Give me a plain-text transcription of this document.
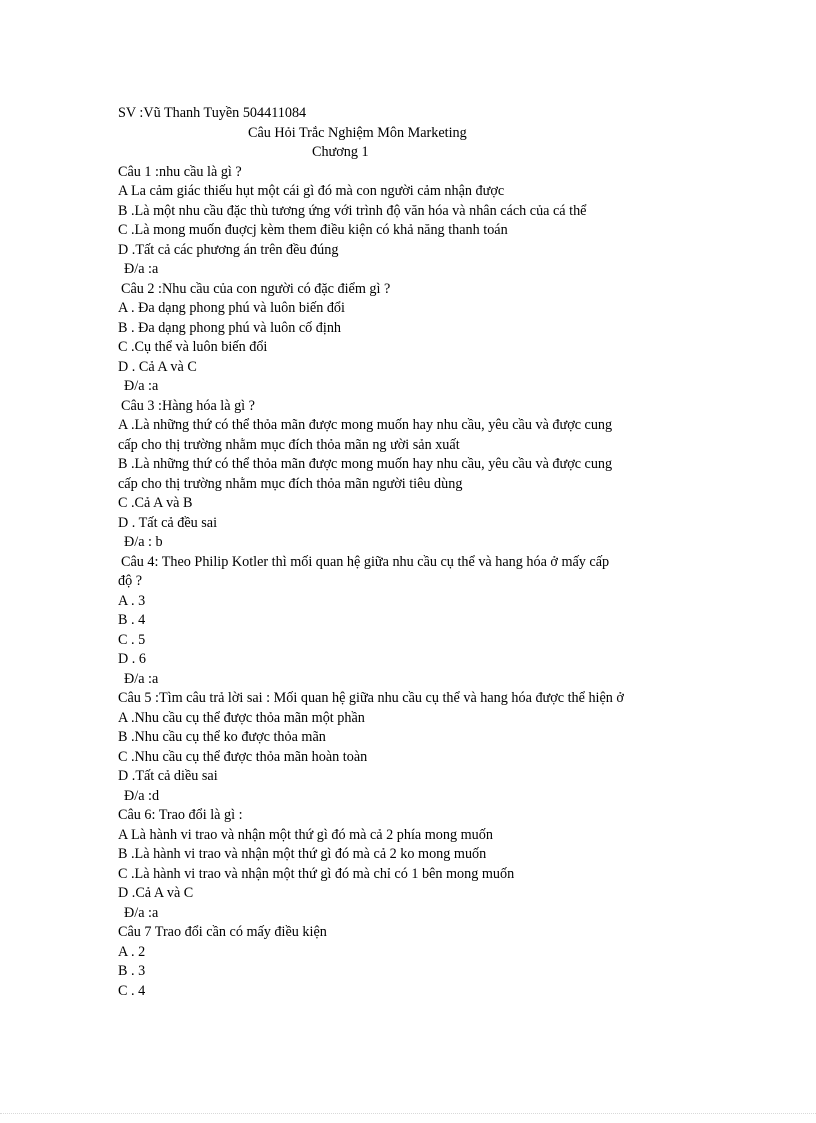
SV :Vũ Thanh Tuyền 504411084
Câu Hỏi Trắc Nghiệm Môn Marketing
Chương 1
Câu 1 :nhu cầu là gì ?
A La cảm giác thiếu hụt một cái gì đó mà con người cảm nhận được
B .Là một nhu cầu đặc thù tương ứng với trình độ văn hóa và nhân cách của cá thể
C .Là mong muốn đuợcj kèm them điều kiện có khả năng thanh toán
D .Tất cả các phương án trên đều đúng
Đ/a :a
Câu 2 :Nhu cầu của con người có đặc điểm gì ?
A . Đa dạng phong phú và luôn biến đổi
B . Đa dạng phong phú và luôn cố định
C .Cụ thể và luôn biến đổi
D . Cả A và C
Đ/a :a
Câu 3 :Hàng hóa là gì ?
A .Là những thứ có thể thỏa mãn được mong muốn hay nhu cầu, yêu cầu và được cung
cấp cho thị trường nhằm mục đích thỏa mãn ng ười sản xuất
B .Là những thứ có thể thỏa mãn được mong muốn hay nhu cầu, yêu cầu và được cung
cấp cho thị trường nhằm mục đích thỏa mãn người tiêu dùng
C .Cả A và B
D . Tất cả đều sai
Đ/a : b
Câu 4: Theo Philip Kotler thì mối quan hệ giữa nhu cầu cụ thể và hang hóa ở mấy cấp
độ ?
A . 3
B . 4
C . 5
D . 6
Đ/a :a
Câu 5 :Tìm câu trả lời sai : Mối quan hệ giữa nhu cầu cụ thể và hang hóa được thể hiện ở
A .Nhu cầu cụ thể được thỏa mãn một phần
B .Nhu cầu cụ thể ko được thỏa mãn
C .Nhu cầu cụ thể được thỏa mãn hoàn toàn
D .Tất cả diều sai
Đ/a :d
Câu 6: Trao đổi là gì :
A Là hành vi trao và nhận một thứ gì đó mà cả 2 phía mong muốn
B .Là hành vi trao và nhận một thứ gì đó mà cả 2 ko mong muốn
C .Là hành vi trao và nhận một thứ gì đó mà chỉ có 1 bên mong muốn
D .Cả A và C
Đ/a :a
Câu 7 Trao đổi cần có mấy điều kiện
A . 2
B . 3
C . 4
